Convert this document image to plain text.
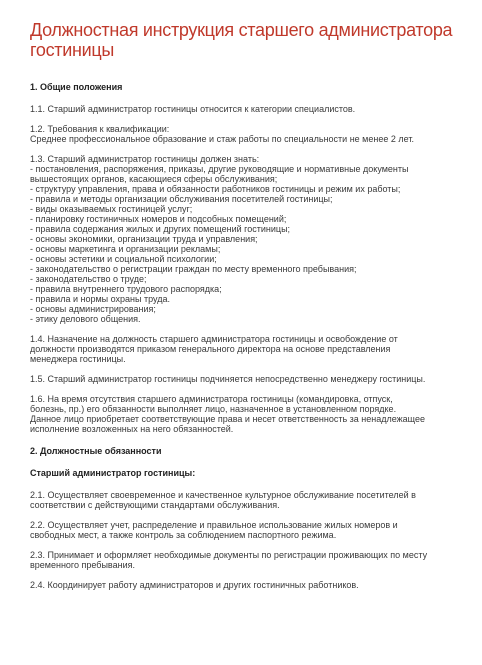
Должностная инструкция старшего администратора
гостиницы
1. Общие положения
1.1. Старший администратор гостиницы относится к категории специалистов.
1.2. Требования к квалификации:
Среднее профессиональное образование и стаж работы по специальности не менее 2 лет.
1.3. Старший администратор гостиницы должен знать:
- постановления, распоряжения, приказы, другие руководящие и нормативные документы
вышестоящих органов, касающиеся сферы обслуживания;
- структуру управления, права и обязанности работников гостиницы и режим их работы;
- правила и методы организации обслуживания посетителей гостиницы;
- виды оказываемых гостиницей услуг;
- планировку гостиничных номеров и подсобных помещений;
- правила содержания жилых и других помещений гостиницы;
- основы экономики, организации труда и управления;
- основы маркетинга и организации рекламы;
- основы эстетики и социальной психологии;
- законодательство о регистрации граждан по месту временного пребывания;
- законодательство о труде;
- правила внутреннего трудового распорядка;
- правила и нормы охраны труда.
- основы администрирования;
- этику делового общения.
1.4. Назначение на должность старшего администратора гостиницы и освобождение от
должности производятся приказом генерального директора на основе представления
менеджера гостиницы.
1.5. Старший администратор гостиницы подчиняется непосредственно менеджеру гостиницы.
1.6. На время отсутствия старшего администратора гостиницы (командировка, отпуск,
болезнь, пр.) его обязанности выполняет лицо, назначенное в установленном порядке.
Данное лицо приобретает соответствующие права и несет ответственность за ненадлежащее
исполнение возложенных на него обязанностей.
2. Должностные обязанности
Старший администратор гостиницы:
2.1. Осуществляет своевременное и качественное культурное обслуживание посетителей в
соответствии с действующими стандартами обслуживания.
2.2. Осуществляет учет, распределение и правильное использование жилых номеров и
свободных мест, а также контроль за соблюдением паспортного режима.
2.3. Принимает и оформляет необходимые документы по регистрации проживающих по месту
временного пребывания.
2.4. Координирует работу администраторов и других гостиничных работников.
